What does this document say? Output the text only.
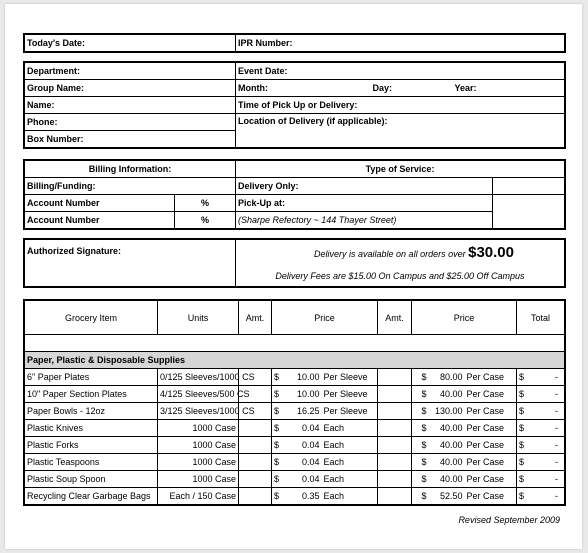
Today's Date:	IPR Number:
Department:	Event Date:		
Group Name:	Month:	Day:	Year:
Name:	Time of Pick Up or Delivery:		
Phone:	Location of Delivery (if applicable):		
Box Number:			
Billing Information:		Type of Service:	
Billing/Funding:		Delivery Only:	
Account Number	%	Pick-Up at:	
Account Number	%	(Sharpe Refectory ~ 144 Thayer Street)	
Authorized Signature:	Delivery is available on all orders over $30.00
Delivery Fees are $15.00 On Campus and $25.00 Off Campus
Grocery Item	Units	Amt.	Price			Amt.	Price				Total	

Paper, Plastic & Disposable Supplies												
6" Paper Plates	0/125 Sleeves/1000 CS		$	10.00	Per Sleeve			$	80.00	Per Case	$	-
10" Paper Section Plates	4/125 Sleeves/500 CS		$	10.00	Per Sleeve			$	40.00	Per Case	$	-
Paper Bowls - 12oz	3/125 Sleeves/1000 CS		$	16.25	Per Sleeve			$	130.00	Per Case	$	-
Plastic Knives	1000 Case		$	0.04	Each			$	40.00	Per Case	$	-
Plastic Forks	1000 Case		$	0.04	Each			$	40.00	Per Case	$	-
Plastic Teaspoons	1000 Case		$	0.04	Each			$	40.00	Per Case	$	-
Plastic Soup Spoon	1000 Case		$	0.04	Each			$	40.00	Per Case	$	-
Recycling Clear Garbage Bags	Each / 150 Case		$	0.35	Each			$	52.50	Per Case	$	-
Revised September 2009
